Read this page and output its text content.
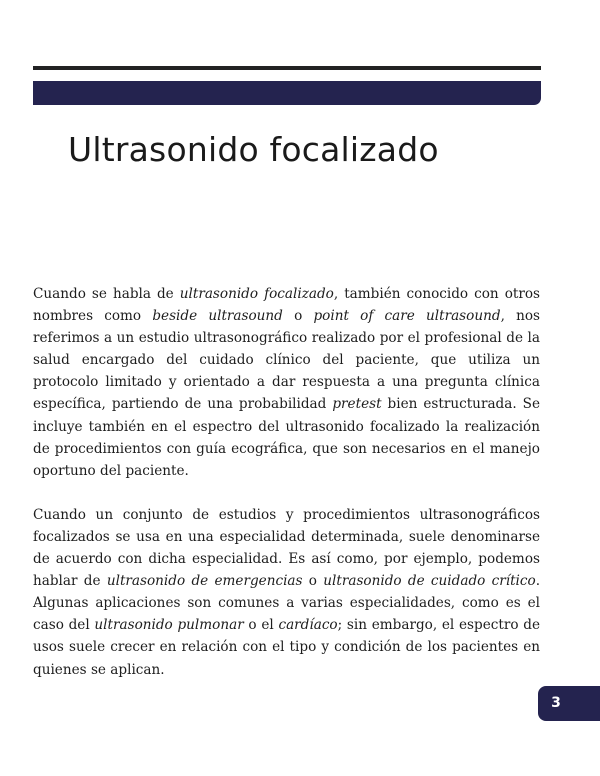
Ultrasonido focalizado

Cuando se habla de ultrasonido focalizado, también conocido con otros nombres como beside ultrasound o point of care ultrasound, nos referimos a un estudio ultrasonográfico realizado por el profesional de la salud encargado del cuidado clínico del paciente, que utiliza un protocolo limitado y orientado a dar respuesta a una pregunta clínica específica, partiendo de una probabilidad pretest bien estructurada. Se incluye también en el espectro del ultrasonido focalizado la realización de procedimientos con guía ecográfica, que son necesarios en el manejo oportuno del paciente.

Cuando un conjunto de estudios y procedimientos ultrasonográficos focalizados se usa en una especialidad determinada, suele denominarse de acuerdo con dicha especialidad. Es así como, por ejemplo, podemos hablar de ultrasonido de emergencias o ultrasonido de cuidado crítico. Algunas aplicaciones son comunes a varias especialidades, como es el caso del ultrasonido pulmonar o el cardíaco; sin embargo, el espectro de usos suele crecer en relación con el tipo y condición de los pacientes en quienes se aplican.

3
